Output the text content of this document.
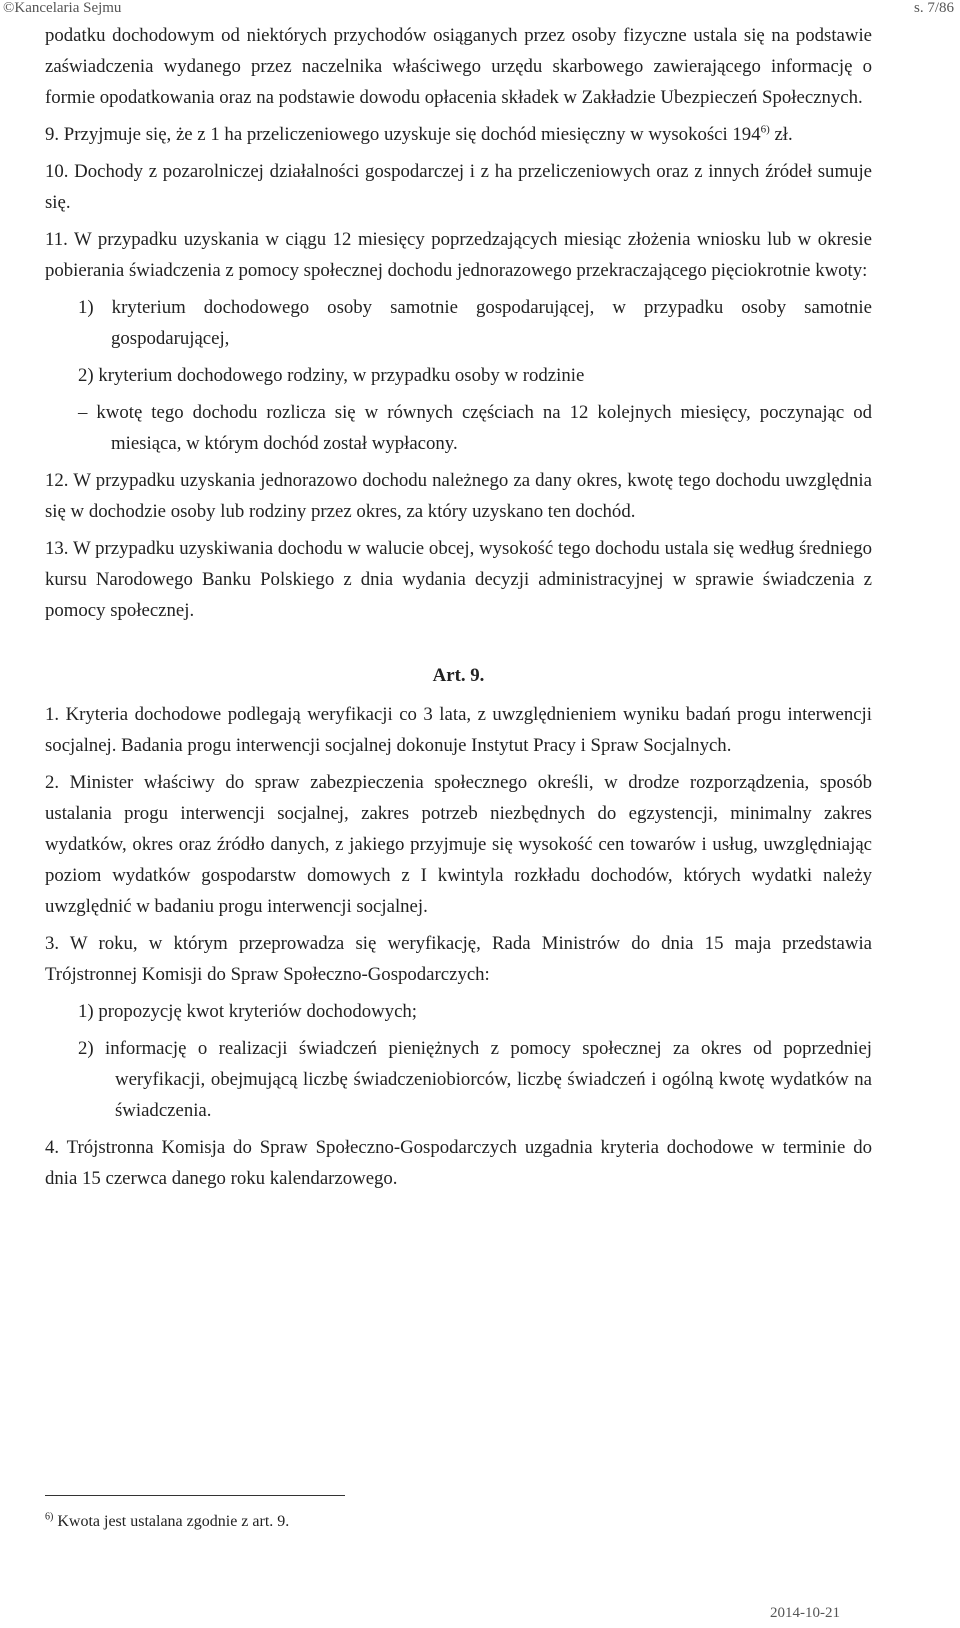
©Kancelaria Sejmu	s. 7/86

podatku dochodowym od niektórych przychodów osiąganych przez osoby fizyczne ustala się na podstawie zaświadczenia wydanego przez naczelnika właściwego urzędu skarbowego zawierającego informację o formie opodatkowania oraz na podstawie dowodu opłacenia składek w Zakładzie Ubezpieczeń Społecznych.

9. Przyjmuje się, że z 1 ha przeliczeniowego uzyskuje się dochód miesięczny w wysokości 194$^{6)}$ zł.

10. Dochody z pozarolniczej działalności gospodarczej i z ha przeliczeniowych oraz z innych źródeł sumuje się.

11. W przypadku uzyskania w ciągu 12 miesięcy poprzedzających miesiąc złożenia wniosku lub w okresie pobierania świadczenia z pomocy społecznej dochodu jednorazowego przekraczającego pięciokrotnie kwoty:

1) kryterium dochodowego osoby samotnie gospodarującej, w przypadku osoby samotnie gospodarującej,

2) kryterium dochodowego rodziny, w przypadku osoby w rodzinie

– kwotę tego dochodu rozlicza się w równych częściach na 12 kolejnych miesięcy, poczynając od miesiąca, w którym dochód został wypłacony.

12. W przypadku uzyskania jednorazowo dochodu należnego za dany okres, kwotę tego dochodu uwzględnia się w dochodzie osoby lub rodziny przez okres, za który uzyskano ten dochód.

13. W przypadku uzyskiwania dochodu w walucie obcej, wysokość tego dochodu ustala się według średniego kursu Narodowego Banku Polskiego z dnia wydania decyzji administracyjnej w sprawie świadczenia z pomocy społecznej.

Art. 9.

1. Kryteria dochodowe podlegają weryfikacji co 3 lata, z uwzględnieniem wyniku badań progu interwencji socjalnej. Badania progu interwencji socjalnej dokonuje Instytut Pracy i Spraw Socjalnych.

2. Minister właściwy do spraw zabezpieczenia społecznego określi, w drodze rozporządzenia, sposób ustalania progu interwencji socjalnej, zakres potrzeb niezbędnych do egzystencji, minimalny zakres wydatków, okres oraz źródło danych, z jakiego przyjmuje się wysokość cen towarów i usług, uwzględniając poziom wydatków gospodarstw domowych z I kwintyla rozkładu dochodów, których wydatki należy uwzględnić w badaniu progu interwencji socjalnej.

3. W roku, w którym przeprowadza się weryfikację, Rada Ministrów do dnia 15 maja przedstawia Trójstronnej Komisji do Spraw Społeczno-Gospodarczych:

1) propozycję kwot kryteriów dochodowych;

2) informację o realizacji świadczeń pieniężnych z pomocy społecznej za okres od poprzedniej weryfikacji, obejmującą liczbę świadczeniobiorców, liczbę świadczeń i ogólną kwotę wydatków na świadczenia.

4. Trójstronna Komisja do Spraw Społeczno-Gospodarczych uzgadnia kryteria dochodowe w terminie do dnia 15 czerwca danego roku kalendarzowego.

$^{6)}$ Kwota jest ustalana zgodnie z art. 9.
2014-10-21
